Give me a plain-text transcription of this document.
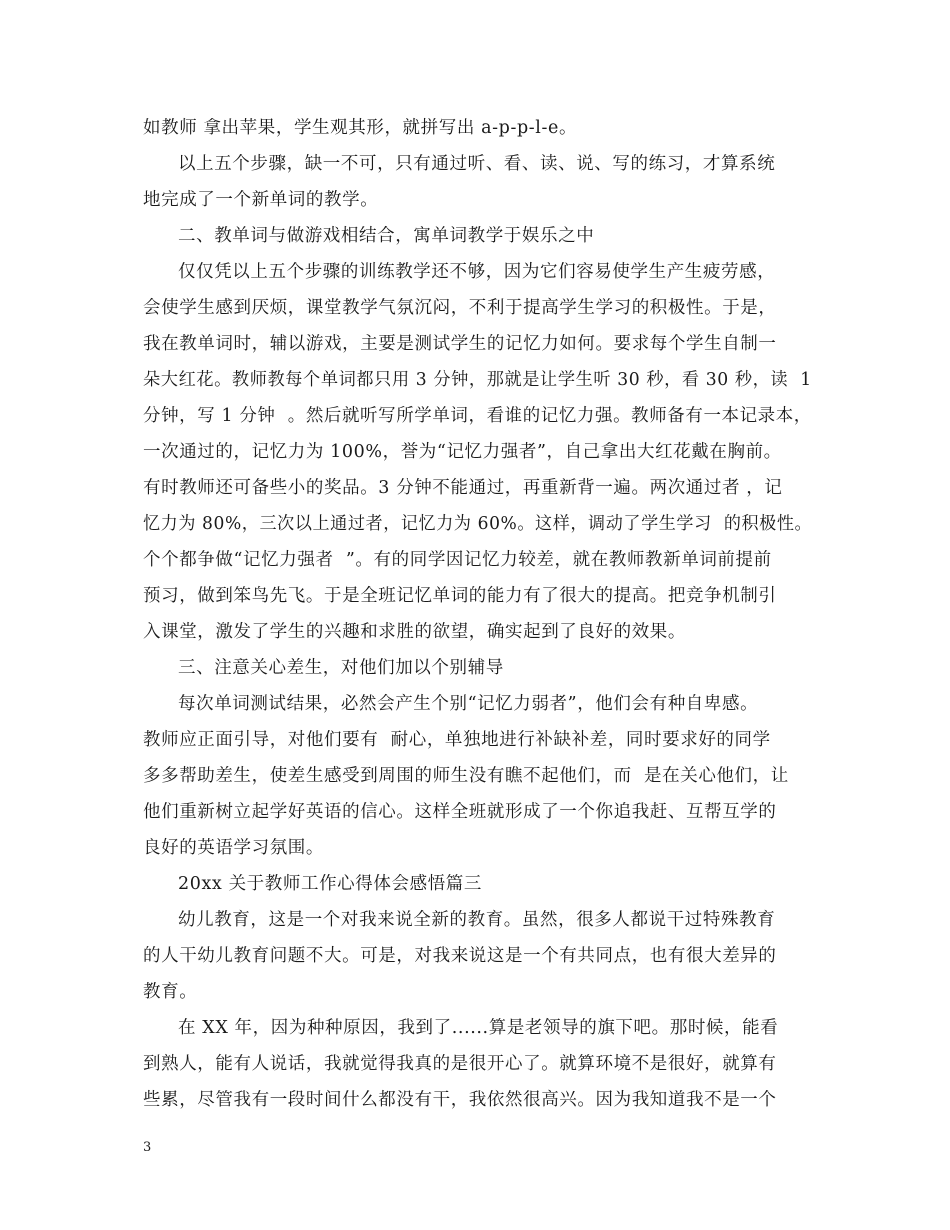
如教师 拿出苹果，学生观其形，就拼写出 a-p-p-l-e。
以上五个步骤，缺一不可，只有通过听、看、读、说、写的练习，才算系统
地完成了一个新单词的教学。
二、教单词与做游戏相结合，寓单词教学于娱乐之中
仅仅凭以上五个步骤的训练教学还不够，因为它们容易使学生产生疲劳感，
会使学生感到厌烦，课堂教学气氛沉闷，不利于提高学生学习的积极性。于是，
我在教单词时，辅以游戏，主要是测试学生的记忆力如何。要求每个学生自制一
朵大红花。教师教每个单词都只用 3 分钟，那就是让学生听 30 秒，看 30 秒，读  1
分钟，写 1 分钟  。然后就听写所学单词，看谁的记忆力强。教师备有一本记录本，
一次通过的，记忆力为 100%，誉为“记忆力强者”，自己拿出大红花戴在胸前。
有时教师还可备些小的奖品。3 分钟不能通过，再重新背一遍。两次通过者 ，记
忆力为 80%，三次以上通过者，记忆力为 60%。这样，调动了学生学习  的积极性。
个个都争做“记忆力强者  ”。有的同学因记忆力较差，就在教师教新单词前提前
预习，做到笨鸟先飞。于是全班记忆单词的能力有了很大的提高。把竞争机制引
入课堂，激发了学生的兴趣和求胜的欲望，确实起到了良好的效果。
三、注意关心差生，对他们加以个别辅导
每次单词测试结果，必然会产生个别“记忆力弱者”，他们会有种自卑感。
教师应正面引导，对他们要有  耐心，单独地进行补缺补差，同时要求好的同学
多多帮助差生，使差生感受到周围的师生没有瞧不起他们，而  是在关心他们，让
他们重新树立起学好英语的信心。这样全班就形成了一个你追我赶、互帮互学的
良好的英语学习氛围。
20xx 关于教师工作心得体会感悟篇三
幼儿教育，这是一个对我来说全新的教育。虽然，很多人都说干过特殊教育
的人干幼儿教育问题不大。可是，对我来说这是一个有共同点，也有很大差异的
教育。
在 XX 年，因为种种原因，我到了......算是老领导的旗下吧。那时候，能看
到熟人，能有人说话，我就觉得我真的是很开心了。就算环境不是很好，就算有
些累，尽管我有一段时间什么都没有干，我依然很高兴。因为我知道我不是一个
3
